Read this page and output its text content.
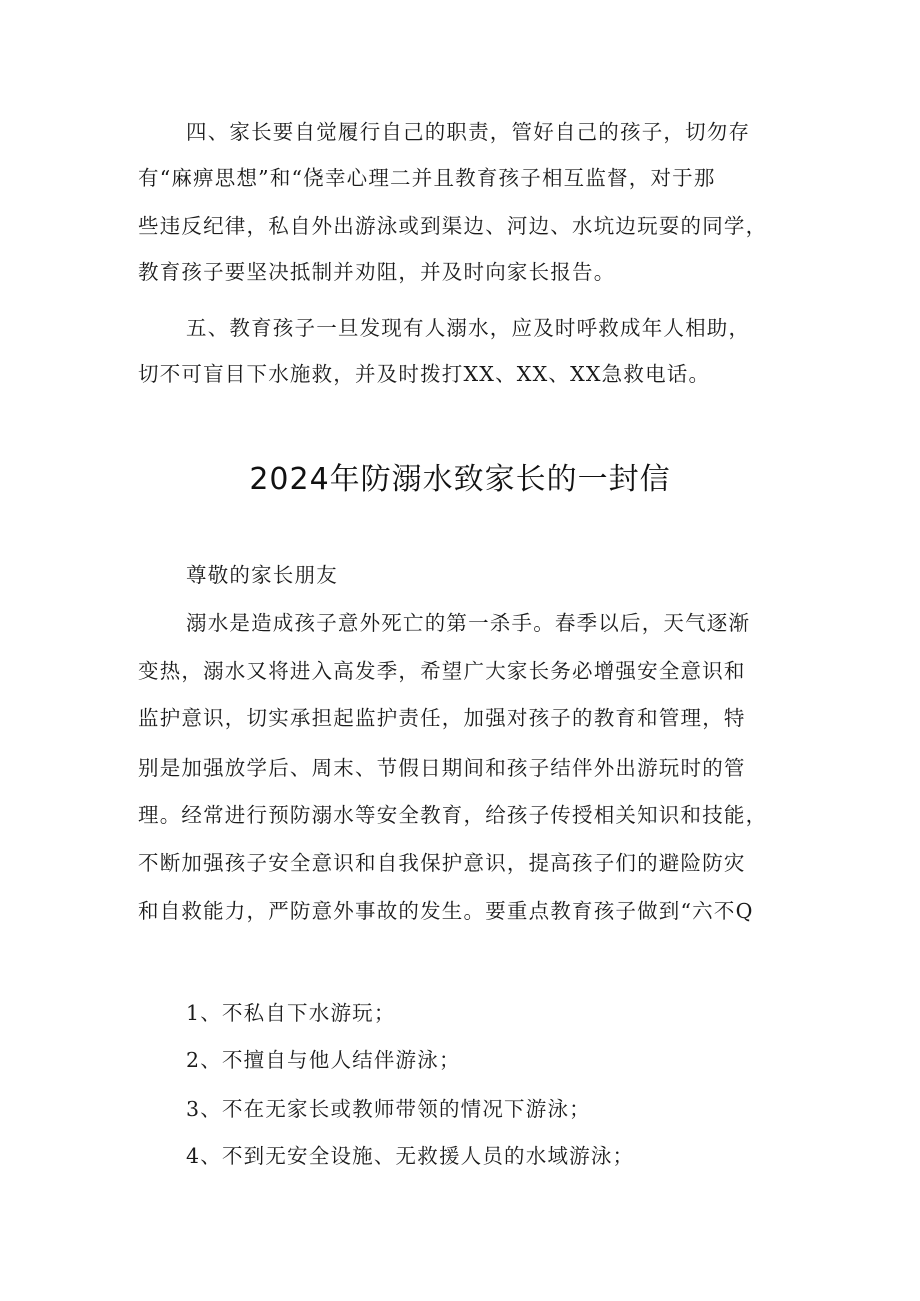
四、家长要自觉履行自己的职责，管好自己的孩子，切勿存
有“麻痹思想”和“侥幸心理二并且教育孩子相互监督，对于那
些违反纪律，私自外出游泳或到渠边、河边、水坑边玩耍的同学，
教育孩子要坚决抵制并劝阻，并及时向家长报告。
五、教育孩子一旦发现有人溺水，应及时呼救成年人相助，
切不可盲目下水施救，并及时拨打XX、XX、XX急救电话。
2024年防溺水致家长的一封信
尊敬的家长朋友
溺水是造成孩子意外死亡的第一杀手。春季以后，天气逐渐
变热，溺水又将进入高发季，希望广大家长务必增强安全意识和
监护意识，切实承担起监护责任，加强对孩子的教育和管理，特
别是加强放学后、周末、节假日期间和孩子结伴外出游玩时的管
理。经常进行预防溺水等安全教育，给孩子传授相关知识和技能，
不断加强孩子安全意识和自我保护意识，提高孩子们的避险防灾
和自救能力，严防意外事故的发生。要重点教育孩子做到“六不Q
1、不私自下水游玩；
2、不擅自与他人结伴游泳；
3、不在无家长或教师带领的情况下游泳；
4、不到无安全设施、无救援人员的水域游泳；
